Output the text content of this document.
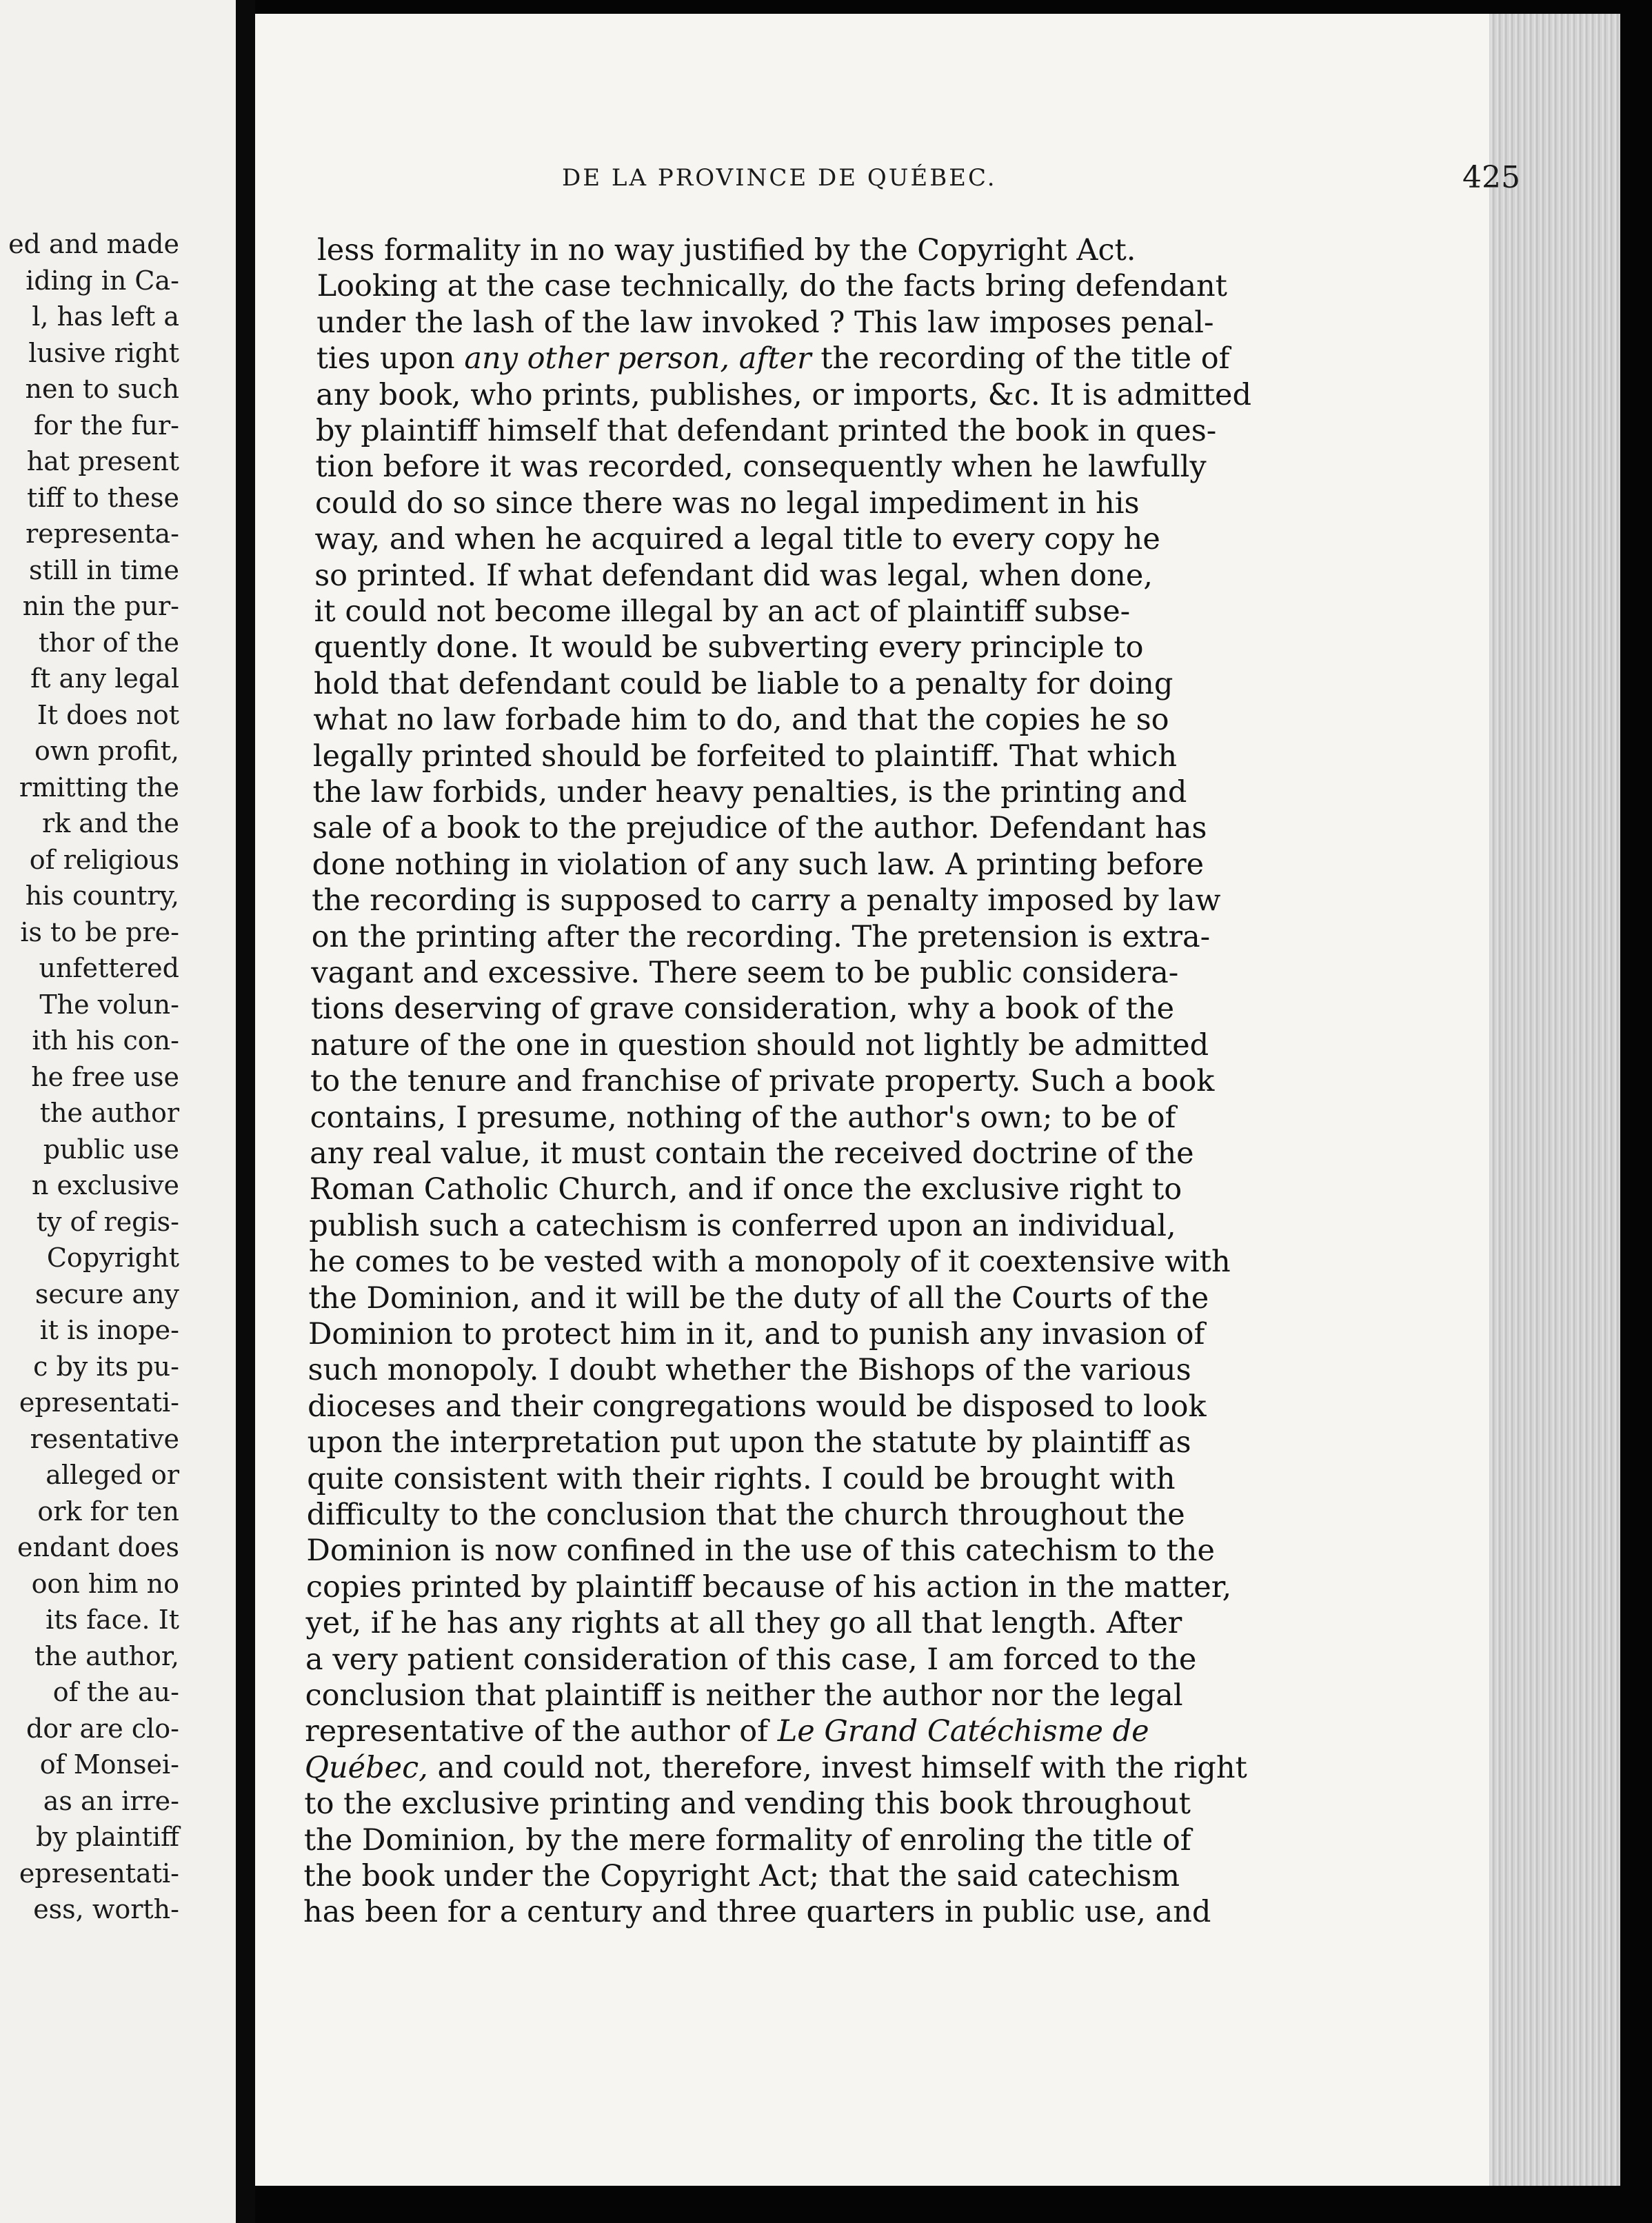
ed and made
iding in Ca-
l, has left a
lusive right
nen to such
for the fur-
hat present
tiff to these
representa-
still in time
nin the pur-
thor of the
ft any legal
It does not
own profit,
rmitting the
rk and the
of religious
his country,
is to be pre-
unfettered
The volun-
ith his con-
he free use
the author
public use
n exclusive
ty of regis-
Copyright
secure any
it is inope-
c by its pu-
epresentati-
resentative
alleged or
ork for ten
endant does
oon him no
its face. It
the author,
of the au-
dor are clo-
of Monsei-
as an irre-
by plaintiff
epresentati-
ess, worth-
DE LA PROVINCE DE QUÉBEC.	425
less formality in no way justified by the Copyright Act.
Looking at the case technically, do the facts bring defendant
under the lash of the law invoked ? This law imposes penal-
ties upon any other person, after the recording of the title of
any book, who prints, publishes, or imports, &c. It is admitted
by plaintiff himself that defendant printed the book in ques-
tion before it was recorded, consequently when he lawfully
could do so since there was no legal impediment in his
way, and when he acquired a legal title to every copy he
so printed. If what defendant did was legal, when done,
it could not become illegal by an act of plaintiff subse-
quently done. It would be subverting every principle to
hold that defendant could be liable to a penalty for doing
what no law forbade him to do, and that the copies he so
legally printed should be forfeited to plaintiff. That which
the law forbids, under heavy penalties, is the printing and
sale of a book to the prejudice of the author. Defendant has
done nothing in violation of any such law. A printing before
the recording is supposed to carry a penalty imposed by law
on the printing after the recording. The pretension is extra-
vagant and excessive. There seem to be public considera-
tions deserving of grave consideration, why a book of the
nature of the one in question should not lightly be admitted
to the tenure and franchise of private property. Such a book
contains, I presume, nothing of the author's own; to be of
any real value, it must contain the received doctrine of the
Roman Catholic Church, and if once the exclusive right to
publish such a catechism is conferred upon an individual,
he comes to be vested with a monopoly of it coextensive with
the Dominion, and it will be the duty of all the Courts of the
Dominion to protect him in it, and to punish any invasion of
such monopoly. I doubt whether the Bishops of the various
dioceses and their congregations would be disposed to look
upon the interpretation put upon the statute by plaintiff as
quite consistent with their rights. I could be brought with
difficulty to the conclusion that the church throughout the
Dominion is now confined in the use of this catechism to the
copies printed by plaintiff because of his action in the matter,
yet, if he has any rights at all they go all that length. After
a very patient consideration of this case, I am forced to the
conclusion that plaintiff is neither the author nor the legal
representative of the author of Le Grand Catéchisme de
Québec, and could not, therefore, invest himself with the right
to the exclusive printing and vending this book throughout
the Dominion, by the mere formality of enroling the title of
the book under the Copyright Act; that the said catechism
has been for a century and three quarters in public use, and
